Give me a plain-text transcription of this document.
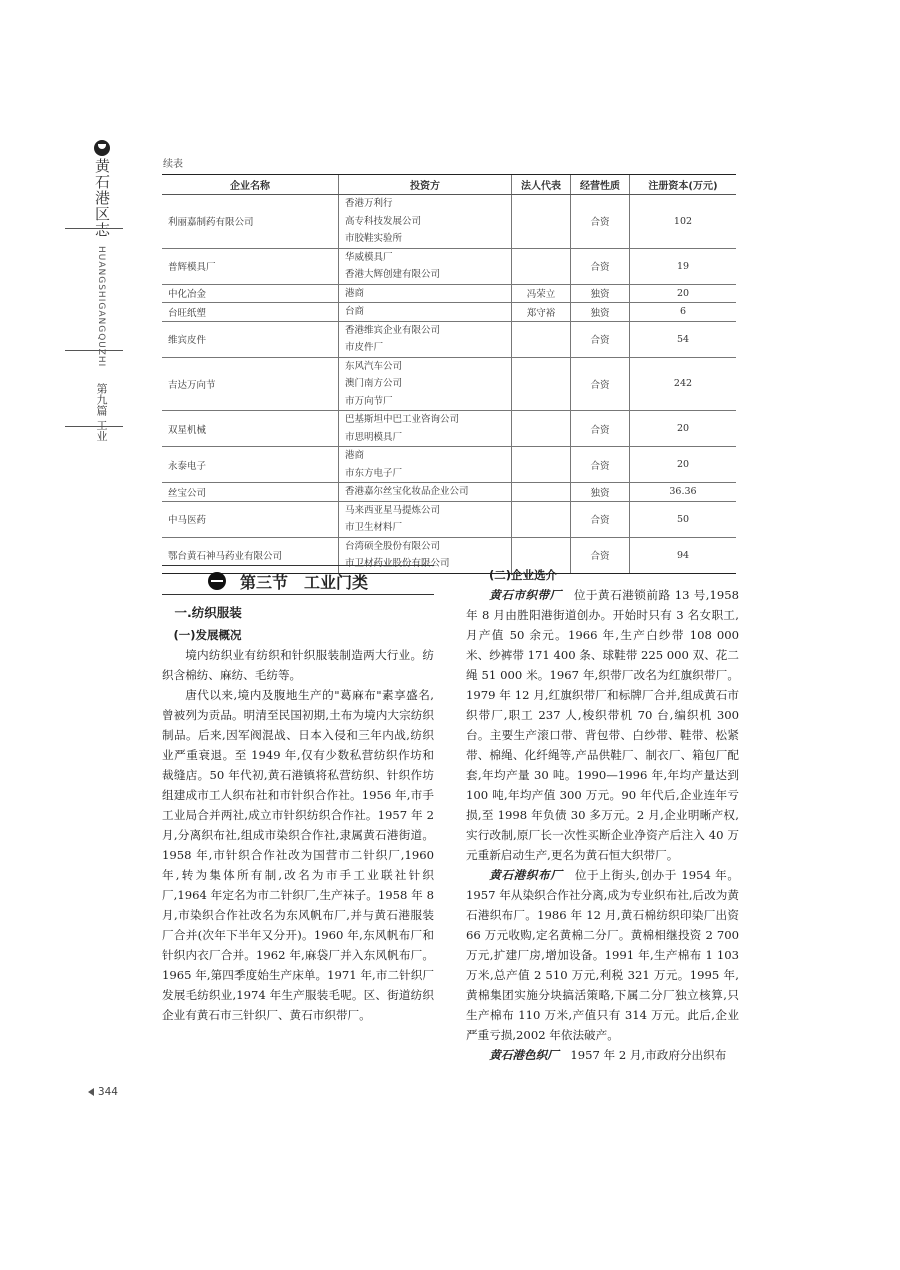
黄石港区志
HUANGSHIGANGQUZHI
第九篇 工业
续表
企业名称	投资方	法人代表	经营性质	注册资本(万元)
利丽嘉制药有限公司	香港万利行
高专科技发展公司
市胶鞋实验所		合资	102
普辉模具厂	华威模具厂
香港大辉创建有限公司		合资	19
中化冶金	港商	冯荣立	独资	20
台旺纸塑	台商	郑守裕	独资	6
维宾皮件	香港维宾企业有限公司
市皮件厂		合资	54
吉达万向节	东风汽车公司
澳门南方公司
市万向节厂		合资	242
双星机械	巴基斯坦中巴工业咨询公司
市思明模具厂		合资	20
永泰电子	港商
市东方电子厂		合资	20
丝宝公司	香港嘉尔丝宝化妆品企业公司		独资	36.36
中马医药	马来西亚星马提炼公司
市卫生材料厂		合资	50
鄂台黄石神马药业有限公司	台湾硕全股份有限公司
市卫材药业股份有限公司		合资	94
第三节　工业门类
一.纺织服装
(一)发展概况

境内纺织业有纺织和针织服装制造两大行业。纺织含棉纺、麻纺、毛纺等。

唐代以来,境内及腹地生产的"葛麻布"素享盛名,曾被列为贡品。明清至民国初期,土布为境内大宗纺织制品。后来,因军阀混战、日本入侵和三年内战,纺织业严重衰退。至 1949 年,仅有少数私营纺织作坊和裁缝店。50 年代初,黄石港镇将私营纺织、针织作坊组建成市工人织布社和市针织合作社。1956 年,市手工业局合并两社,成立市针织纺织合作社。1957 年 2 月,分离织布社,组成市染织合作社,隶属黄石港街道。1958 年,市针织合作社改为国营市二针织厂,1960 年,转为集体所有制,改名为市手工业联社针织厂,1964 年定名为市二针织厂,生产袜子。1958 年 8 月,市染织合作社改名为东风帆布厂,并与黄石港服装厂合并(次年下半年又分开)。1960 年,东风帆布厂和针织内衣厂合并。1962 年,麻袋厂并入东风帆布厂。1965 年,第四季度始生产床单。1971 年,市二针织厂发展毛纺织业,1974 年生产服装毛呢。区、街道纺织企业有黄石市三针织厂、黄石市织带厂。

(二)企业选介

黄石市织带厂　位于黄石港锁前路 13 号,1958 年 8 月由胜阳港街道创办。开始时只有 3 名女职工,月产值 50 余元。1966 年,生产白纱带 108 000 米、纱裤带 171 400 条、球鞋带 225 000 双、花二绳 51 000 米。1967 年,织带厂改名为红旗织带厂。1979 年 12 月,红旗织带厂和标牌厂合并,组成黄石市织带厂,职工 237 人,梭织带机 70 台,编织机 300 台。主要生产滚口带、背包带、白纱带、鞋带、松紧带、棉绳、化纤绳等,产品供鞋厂、制衣厂、箱包厂配套,年均产量 30 吨。1990—1996 年,年均产量达到 100 吨,年均产值 300 万元。90 年代后,企业连年亏损,至 1998 年负债 30 多万元。2 月,企业明晰产权,实行改制,原厂长一次性买断企业净资产后注入 40 万元重新启动生产,更名为黄石恒大织带厂。

黄石港织布厂　位于上街头,创办于 1954 年。1957 年从染织合作社分离,成为专业织布社,后改为黄石港织布厂。1986 年 12 月,黄石棉纺织印染厂出资 66 万元收购,定名黄棉二分厂。黄棉相继投资 2 700 万元,扩建厂房,增加设备。1991 年,生产棉布 1 103 万米,总产值 2 510 万元,利税 321 万元。1995 年,黄棉集团实施分块搞活策略,下属二分厂独立核算,只生产棉布 110 万米,产值只有 314 万元。此后,企业严重亏损,2002 年依法破产。

黄石港色织厂　1957 年 2 月,市政府分出织布

344
